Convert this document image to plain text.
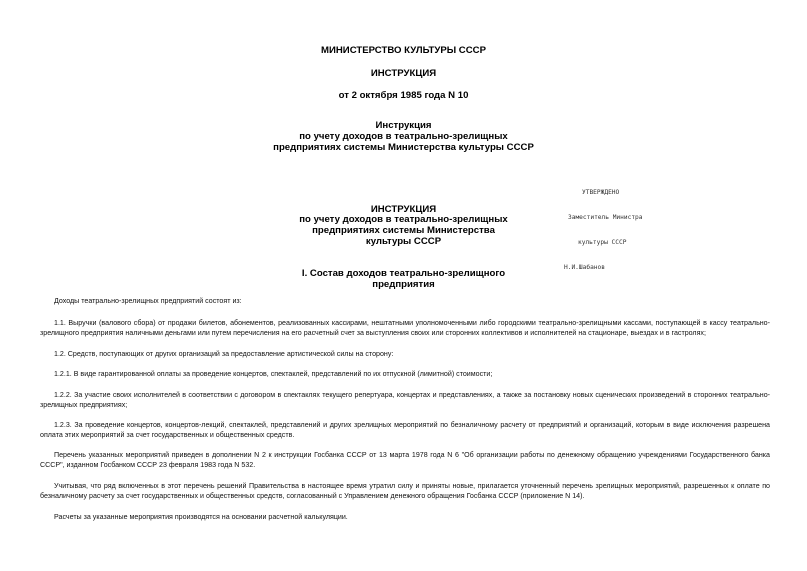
МИНИСТЕРСТВО КУЛЬТУРЫ СССР
ИНСТРУКЦИЯ
от 2 октября 1985 года N 10
Инструкция
по учету доходов в театрально-зрелищных
предприятиях системы Министерства культуры СССР

УТВЕРЖДЕНО

Заместитель Министра

культуры СССР

Н.И.Шабанов

ИНСТРУКЦИЯ
по учету доходов в театрально-зрелищных
предприятиях системы Министерства
культуры СССР
I. Состав доходов театрально-зрелищного
предприятия
Доходы театрально-зрелищных предприятий состоят из:
1.1. Выручки (валового сбора) от продажи билетов, абонементов, реализованных кассирами, нештатными уполномоченными либо городскими театрально-зрелищными кассами, поступающей в кассу театрально-зрелищного предприятия наличными деньгами или путем перечисления на его расчетный счет за выступления своих или сторонних коллективов и исполнителей на стационаре, выездах и в гастролях;
1.2. Средств, поступающих от других организаций за предоставление артистической силы на сторону:
1.2.1. В виде гарантированной оплаты за проведение концертов, спектаклей, представлений по их отпускной (лимитной) стоимости;
1.2.2. За участие своих исполнителей в соответствии с договором в спектаклях текущего репертуара, концертах и представлениях, а также за постановку новых сценических произведений в сторонних театрально-зрелищных предприятиях;
1.2.3. За проведение концертов, концертов-лекций, спектаклей, представлений и других зрелищных мероприятий по безналичному расчету от предприятий и организаций, которым в виде исключения разрешена оплата этих мероприятий за счет государственных и общественных средств.
Перечень указанных мероприятий приведен в дополнении N 2 к инструкции Госбанка СССР от 13 марта 1978 года N 6 "Об организации работы по денежному обращению учреждениями Государственного банка СССР", изданном Госбанком СССР 23 февраля 1983 года N 532.
Учитывая, что ряд включенных в этот перечень решений Правительства в настоящее время утратил силу и приняты новые, прилагается уточненный перечень зрелищных мероприятий, разрешенных к оплате по безналичному расчету за счет государственных и общественных средств, согласованный с Управлением денежного обращения Госбанка СССР (приложение N 14).
Расчеты за указанные мероприятия производятся на основании расчетной калькуляции.
